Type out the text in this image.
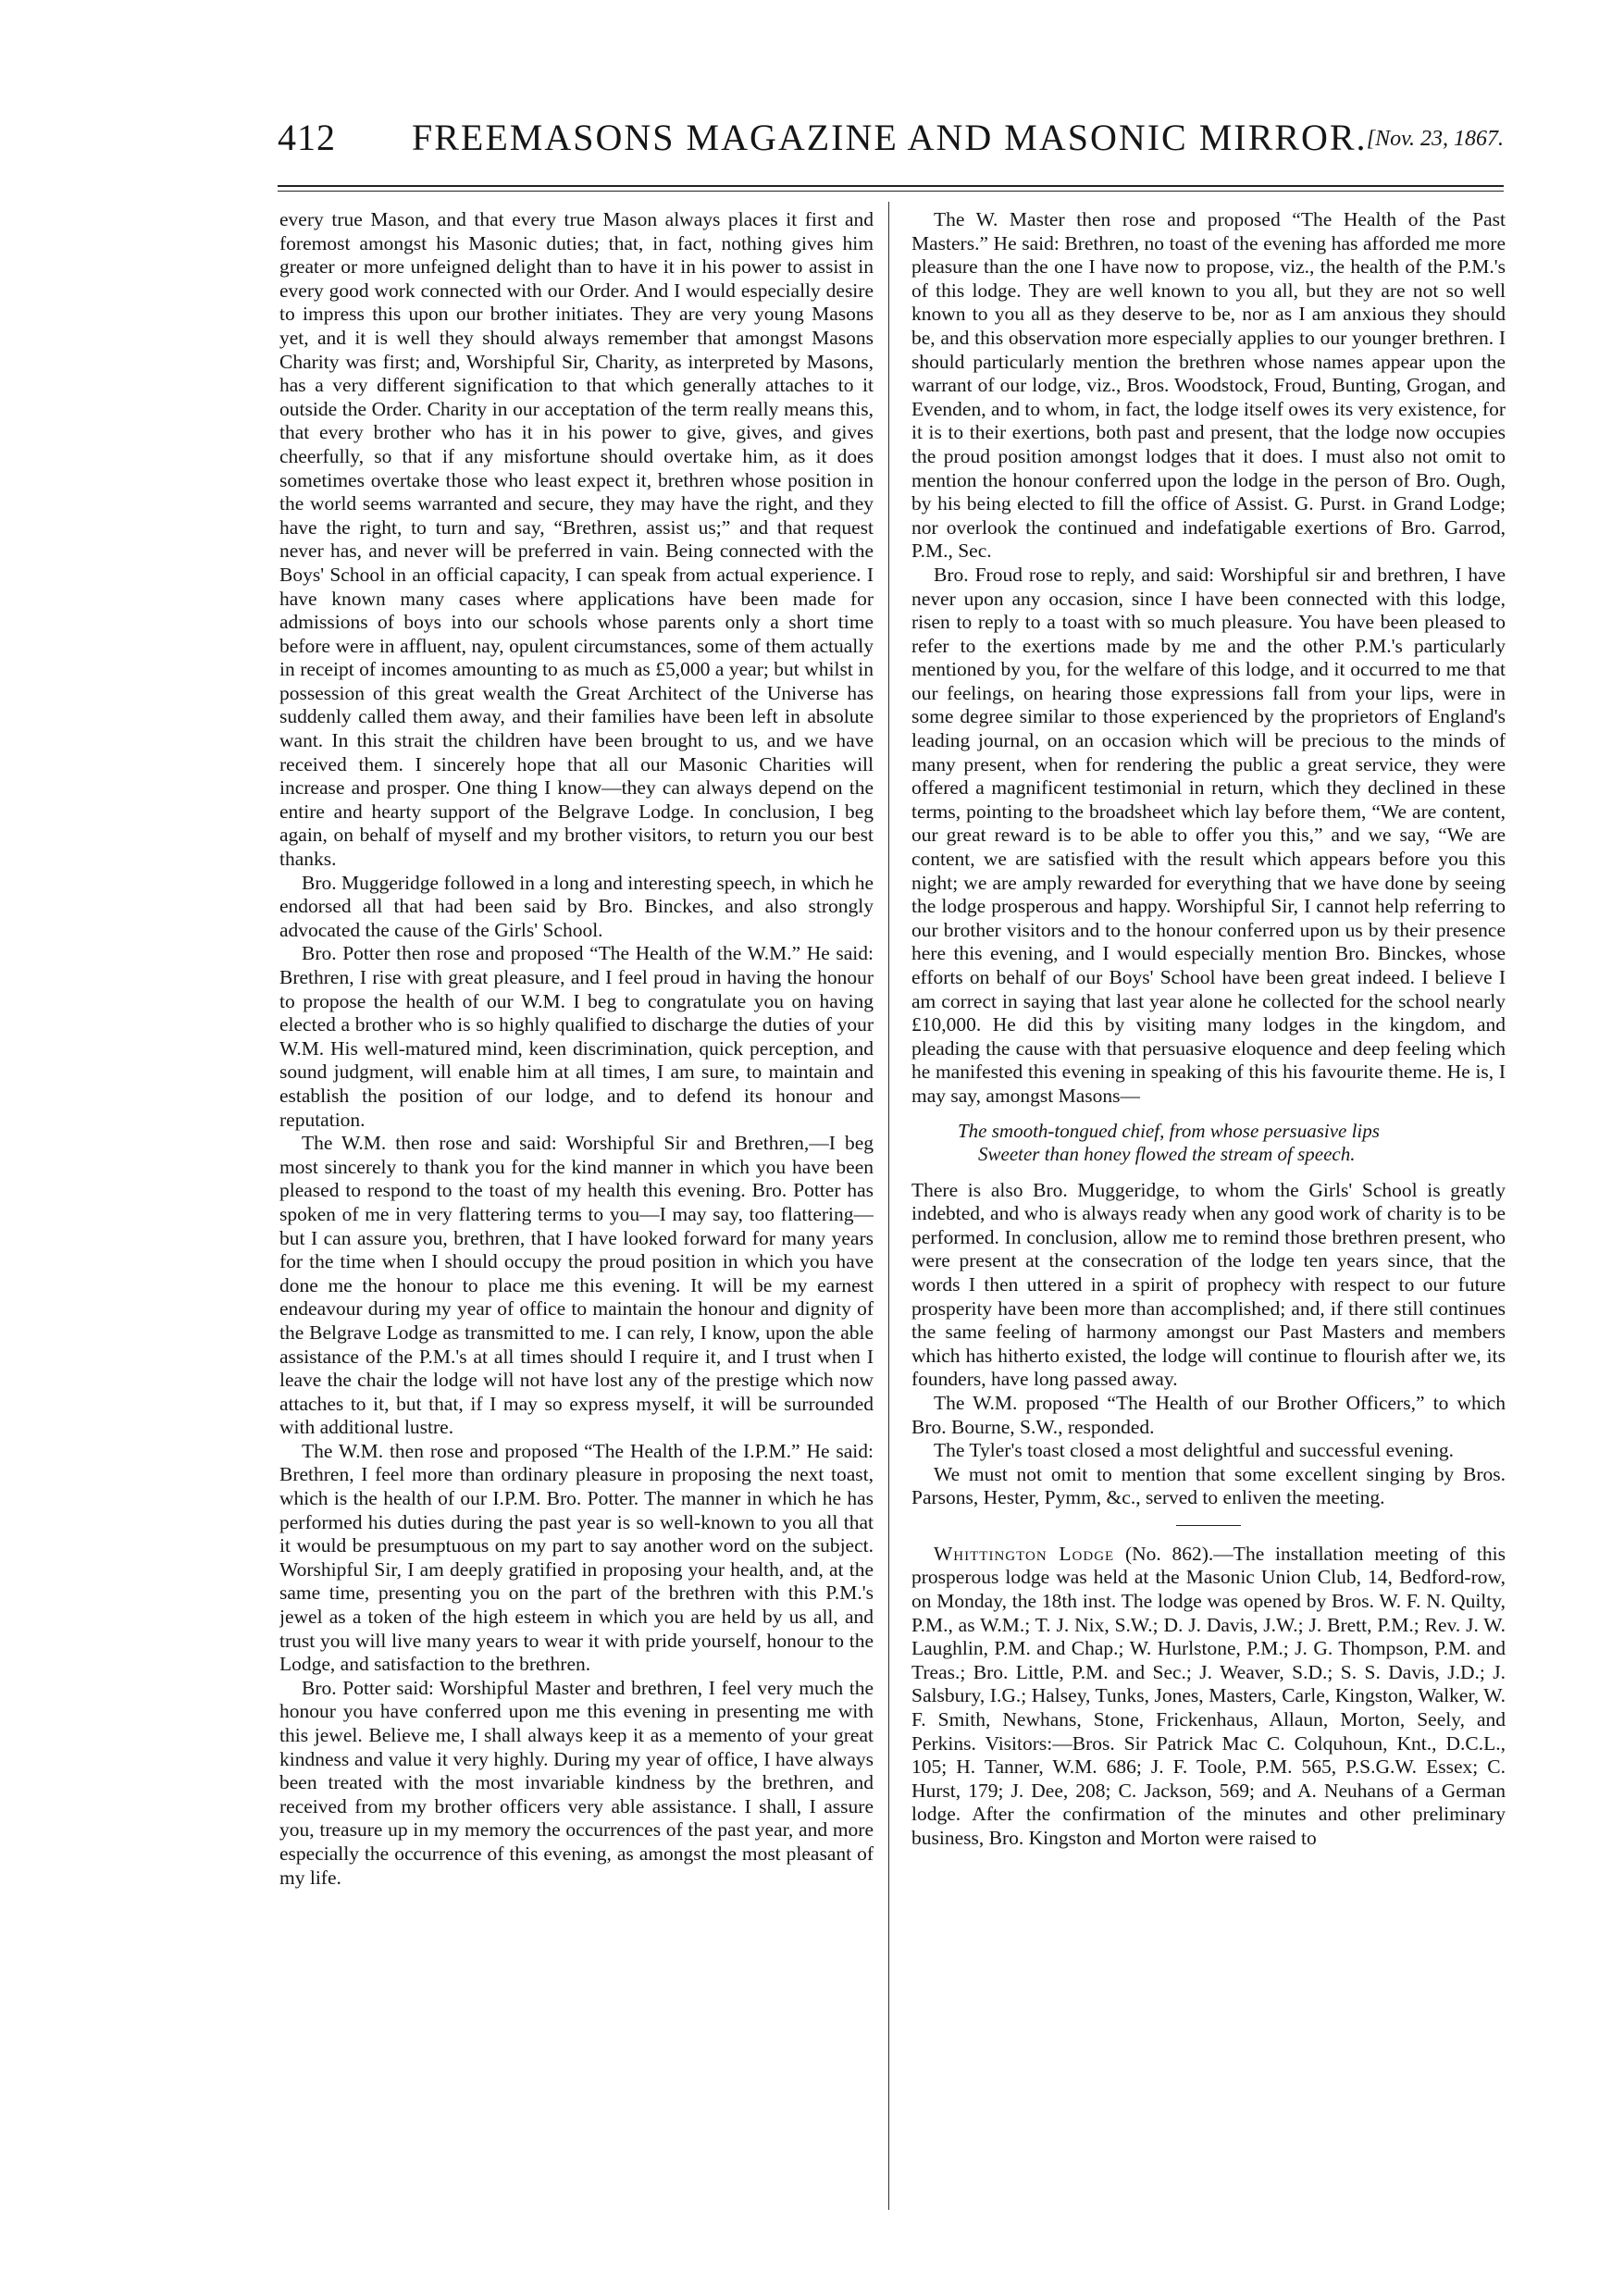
412 FREEMASONS MAGAZINE AND MASONIC MIRROR. [Nov. 23, 1867.

every true Mason, and that every true Mason always places it first and foremost amongst his Masonic duties; that, in fact, nothing gives him greater or more unfeigned delight than to have it in his power to assist in every good work connected with our Order. And I would especially desire to impress this upon our brother initiates. They are very young Masons yet, and it is well they should always remember that amongst Masons Charity was first; and, Worshipful Sir, Charity, as interpreted by Masons, has a very different signification to that which generally attaches to it outside the Order. Charity in our acceptation of the term really means this, that every brother who has it in his power to give, gives, and gives cheerfully, so that if any misfortune should overtake him, as it does sometimes overtake those who least expect it, brethren whose position in the world seems warranted and secure, they may have the right, and they have the right, to turn and say, “Brethren, assist us;” and that request never has, and never will be preferred in vain. Being connected with the Boys' School in an official capacity, I can speak from actual experience. I have known many cases where applications have been made for admissions of boys into our schools whose parents only a short time before were in affluent, nay, opulent circumstances, some of them actually in receipt of incomes amounting to as much as £5,000 a year; but whilst in possession of this great wealth the Great Architect of the Universe has suddenly called them away, and their families have been left in absolute want. In this strait the children have been brought to us, and we have received them. I sincerely hope that all our Masonic Charities will increase and prosper. One thing I know—they can always depend on the entire and hearty support of the Belgrave Lodge. In conclusion, I beg again, on behalf of myself and my brother visitors, to return you our best thanks.

Bro. Muggeridge followed in a long and interesting speech, in which he endorsed all that had been said by Bro. Binckes, and also strongly advocated the cause of the Girls' School.

Bro. Potter then rose and proposed “The Health of the W.M.” He said: Brethren, I rise with great pleasure, and I feel proud in having the honour to propose the health of our W.M. I beg to congratulate you on having elected a brother who is so highly qualified to discharge the duties of your W.M. His well-matured mind, keen discrimination, quick perception, and sound judgment, will enable him at all times, I am sure, to maintain and establish the position of our lodge, and to defend its honour and reputation.

The W.M. then rose and said: Worshipful Sir and Brethren,—I beg most sincerely to thank you for the kind manner in which you have been pleased to respond to the toast of my health this evening. Bro. Potter has spoken of me in very flattering terms to you—I may say, too flattering—but I can assure you, brethren, that I have looked forward for many years for the time when I should occupy the proud position in which you have done me the honour to place me this evening. It will be my earnest endeavour during my year of office to maintain the honour and dignity of the Belgrave Lodge as transmitted to me. I can rely, I know, upon the able assistance of the P.M.'s at all times should I require it, and I trust when I leave the chair the lodge will not have lost any of the prestige which now attaches to it, but that, if I may so express myself, it will be surrounded with additional lustre.

The W.M. then rose and proposed “The Health of the I.P.M.” He said: Brethren, I feel more than ordinary pleasure in proposing the next toast, which is the health of our I.P.M. Bro. Potter. The manner in which he has performed his duties during the past year is so well-known to you all that it would be presumptuous on my part to say another word on the subject. Worshipful Sir, I am deeply gratified in proposing your health, and, at the same time, presenting you on the part of the brethren with this P.M.'s jewel as a token of the high esteem in which you are held by us all, and trust you will live many years to wear it with pride yourself, honour to the Lodge, and satisfaction to the brethren.

Bro. Potter said: Worshipful Master and brethren, I feel very much the honour you have conferred upon me this evening in presenting me with this jewel. Believe me, I shall always keep it as a memento of your great kindness and value it very highly. During my year of office, I have always been treated with the most invariable kindness by the brethren, and received from my brother officers very able assistance. I shall, I assure you, treasure up in my memory the occurrences of the past year, and more especially the occurrence of this evening, as amongst the most pleasant of my life.

The W. Master then rose and proposed “The Health of the Past Masters.” He said: Brethren, no toast of the evening has afforded me more pleasure than the one I have now to propose, viz., the health of the P.M.'s of this lodge. They are well known to you all, but they are not so well known to you all as they deserve to be, nor as I am anxious they should be, and this observation more especially applies to our younger brethren. I should particularly mention the brethren whose names appear upon the warrant of our lodge, viz., Bros. Woodstock, Froud, Bunting, Grogan, and Evenden, and to whom, in fact, the lodge itself owes its very existence, for it is to their exertions, both past and present, that the lodge now occupies the proud position amongst lodges that it does. I must also not omit to mention the honour conferred upon the lodge in the person of Bro. Ough, by his being elected to fill the office of Assist. G. Purst. in Grand Lodge; nor overlook the continued and indefatigable exertions of Bro. Garrod, P.M., Sec.

Bro. Froud rose to reply, and said: Worshipful sir and brethren, I have never upon any occasion, since I have been connected with this lodge, risen to reply to a toast with so much pleasure. You have been pleased to refer to the exertions made by me and the other P.M.'s particularly mentioned by you, for the welfare of this lodge, and it occurred to me that our feelings, on hearing those expressions fall from your lips, were in some degree similar to those experienced by the proprietors of England's leading journal, on an occasion which will be precious to the minds of many present, when for rendering the public a great service, they were offered a magnificent testimonial in return, which they declined in these terms, pointing to the broadsheet which lay before them, “We are content, our great reward is to be able to offer you this,” and we say, “We are content, we are satisfied with the result which appears before you this night; we are amply rewarded for everything that we have done by seeing the lodge prosperous and happy. Worshipful Sir, I cannot help referring to our brother visitors and to the honour conferred upon us by their presence here this evening, and I would especially mention Bro. Binckes, whose efforts on behalf of our Boys' School have been great indeed. I believe I am correct in saying that last year alone he collected for the school nearly £10,000. He did this by visiting many lodges in the kingdom, and pleading the cause with that persuasive eloquence and deep feeling which he manifested this evening in speaking of this his favourite theme. He is, I may say, amongst Masons—

The smooth-tongued chief, from whose persuasive lips
Sweeter than honey flowed the stream of speech.

There is also Bro. Muggeridge, to whom the Girls' School is greatly indebted, and who is always ready when any good work of charity is to be performed. In conclusion, allow me to remind those brethren present, who were present at the consecration of the lodge ten years since, that the words I then uttered in a spirit of prophecy with respect to our future prosperity have been more than accomplished; and, if there still continues the same feeling of harmony amongst our Past Masters and members which has hitherto existed, the lodge will continue to flourish after we, its founders, have long passed away.

The W.M. proposed “The Health of our Brother Officers,” to which Bro. Bourne, S.W., responded.

The Tyler's toast closed a most delightful and successful evening.

We must not omit to mention that some excellent singing by Bros. Parsons, Hester, Pymm, &c., served to enliven the meeting.

Whittington Lodge (No. 862).—The installation meeting of this prosperous lodge was held at the Masonic Union Club, 14, Bedford-row, on Monday, the 18th inst. The lodge was opened by Bros. W. F. N. Quilty, P.M., as W.M.; T. J. Nix, S.W.; D. J. Davis, J.W.; J. Brett, P.M.; Rev. J. W. Laughlin, P.M. and Chap.; W. Hurlstone, P.M.; J. G. Thompson, P.M. and Treas.; Bro. Little, P.M. and Sec.; J. Weaver, S.D.; S. S. Davis, J.D.; J. Salsbury, I.G.; Halsey, Tunks, Jones, Masters, Carle, Kingston, Walker, W. F. Smith, Newhans, Stone, Frickenhaus, Allaun, Morton, Seely, and Perkins. Visitors:—Bros. Sir Patrick Mac C. Colquhoun, Knt., D.C.L., 105; H. Tanner, W.M. 686; J. F. Toole, P.M. 565, P.S.G.W. Essex; C. Hurst, 179; J. Dee, 208; C. Jackson, 569; and A. Neuhans of a German lodge. After the confirmation of the minutes and other preliminary business, Bro. Kingston and Morton were raised to
